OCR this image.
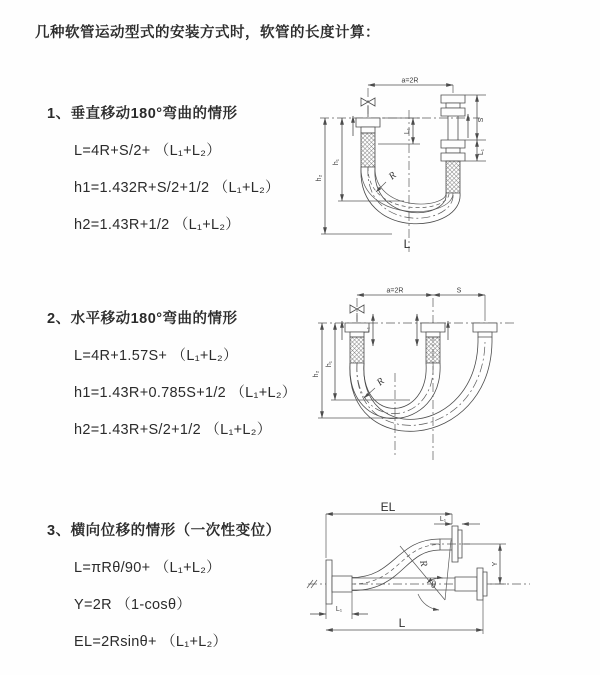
几种软管运动型式的安装方式时，软管的长度计算：
1、垂直移动180°弯曲的情形
L=4R+S/2+ （L₁+L₂）
h1=1.432R+S/2+1/2 （L₁+L₂）
h2=1.43R+1/2 （L₁+L₂）
2、水平移动180°弯曲的情形
L=4R+1.57S+ （L₁+L₂）
h1=1.43R+0.785S+1/2 （L₁+L₂）
h2=1.43R+S/2+1/2 （L₁+L₂）
3、横向位移的情形（一次性变位）
L=πRθ/90+ （L₁+L₂）
Y=2R （1-cosθ）
EL=2Rsinθ+ （L₁+L₂）
a=2R
S
L₁
L₁
h₁
h₂	R
L
a=2R	S
L₁
h₁
h₂
R
θ
R
EL
L₁
Y
L₁
L
